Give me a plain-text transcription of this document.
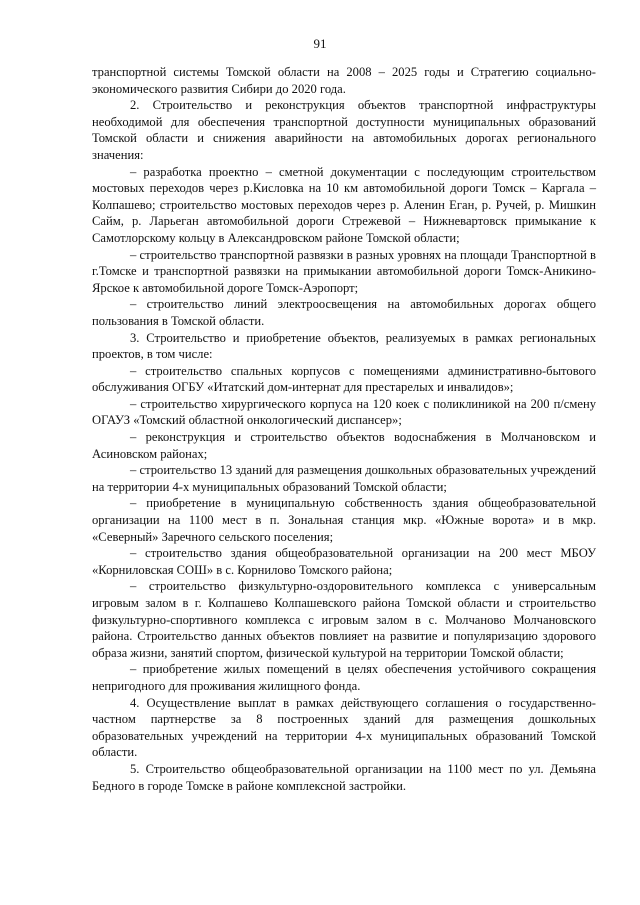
91

транспортной системы Томской области на 2008 – 2025 годы и Стратегию социально-экономического развития Сибири до 2020 года.

2. Строительство и реконструкция объектов транспортной инфраструктуры необходимой для обеспечения транспортной доступности муниципальных образований Томской области и снижения аварийности на автомобильных дорогах регионального значения:

– разработка проектно – сметной документации с последующим строительством мостовых переходов через р.Кисловка на 10 км автомобильной дороги Томск – Каргала – Колпашево; строительство мостовых переходов через р. Аленин Еган, р. Ручей, р. Мишкин Сайм, р. Ларьеган автомобильной дороги Стрежевой – Нижневартовск примыкание к Самотлорскому кольцу в Александровском районе Томской области;

– строительство транспортной развязки в разных уровнях на площади Транспортной в г.Томске и транспортной развязки на примыкании автомобильной дороги Томск-Аникино-Ярское к автомобильной дороге Томск-Аэропорт;

– строительство линий электроосвещения на автомобильных дорогах общего пользования в Томской области.

3. Строительство и приобретение объектов, реализуемых в рамках региональных проектов, в том числе:

– строительство спальных корпусов с помещениями административно-бытового обслуживания ОГБУ «Итатский дом-интернат для престарелых и инвалидов»;

– строительство хирургического корпуса на 120 коек с поликлиникой на 200 п/смену ОГАУЗ «Томский областной онкологический диспансер»;

– реконструкция и строительство объектов водоснабжения в Молчановском и Асиновском районах;

– строительство 13 зданий для размещения дошкольных образовательных учреждений на территории 4-х муниципальных образований Томской области;

– приобретение в муниципальную собственность здания общеобразовательной организации на 1100 мест в п. Зональная станция мкр. «Южные ворота» и в мкр. «Северный» Заречного сельского поселения;

– строительство здания общеобразовательной организации на 200 мест МБОУ «Корниловская СОШ» в с. Корнилово Томского района;

– строительство физкультурно-оздоровительного комплекса с универсальным игровым залом в г. Колпашево Колпашевского района Томской области и строительство физкультурно-спортивного комплекса с игровым залом в с. Молчаново Молчановского района. Строительство данных объектов повлияет на развитие и популяризацию здорового образа жизни, занятий спортом, физической культурой на территории Томской области;

– приобретение жилых помещений в целях обеспечения устойчивого сокращения непригодного для проживания жилищного фонда.

4. Осуществление выплат в рамках действующего соглашения о государственно-частном партнерстве за 8 построенных зданий для размещения дошкольных образовательных учреждений на территории 4-х муниципальных образований Томской области.

5. Строительство общеобразовательной организации на 1100 мест по ул. Демьяна Бедного в городе Томске в районе комплексной застройки.
